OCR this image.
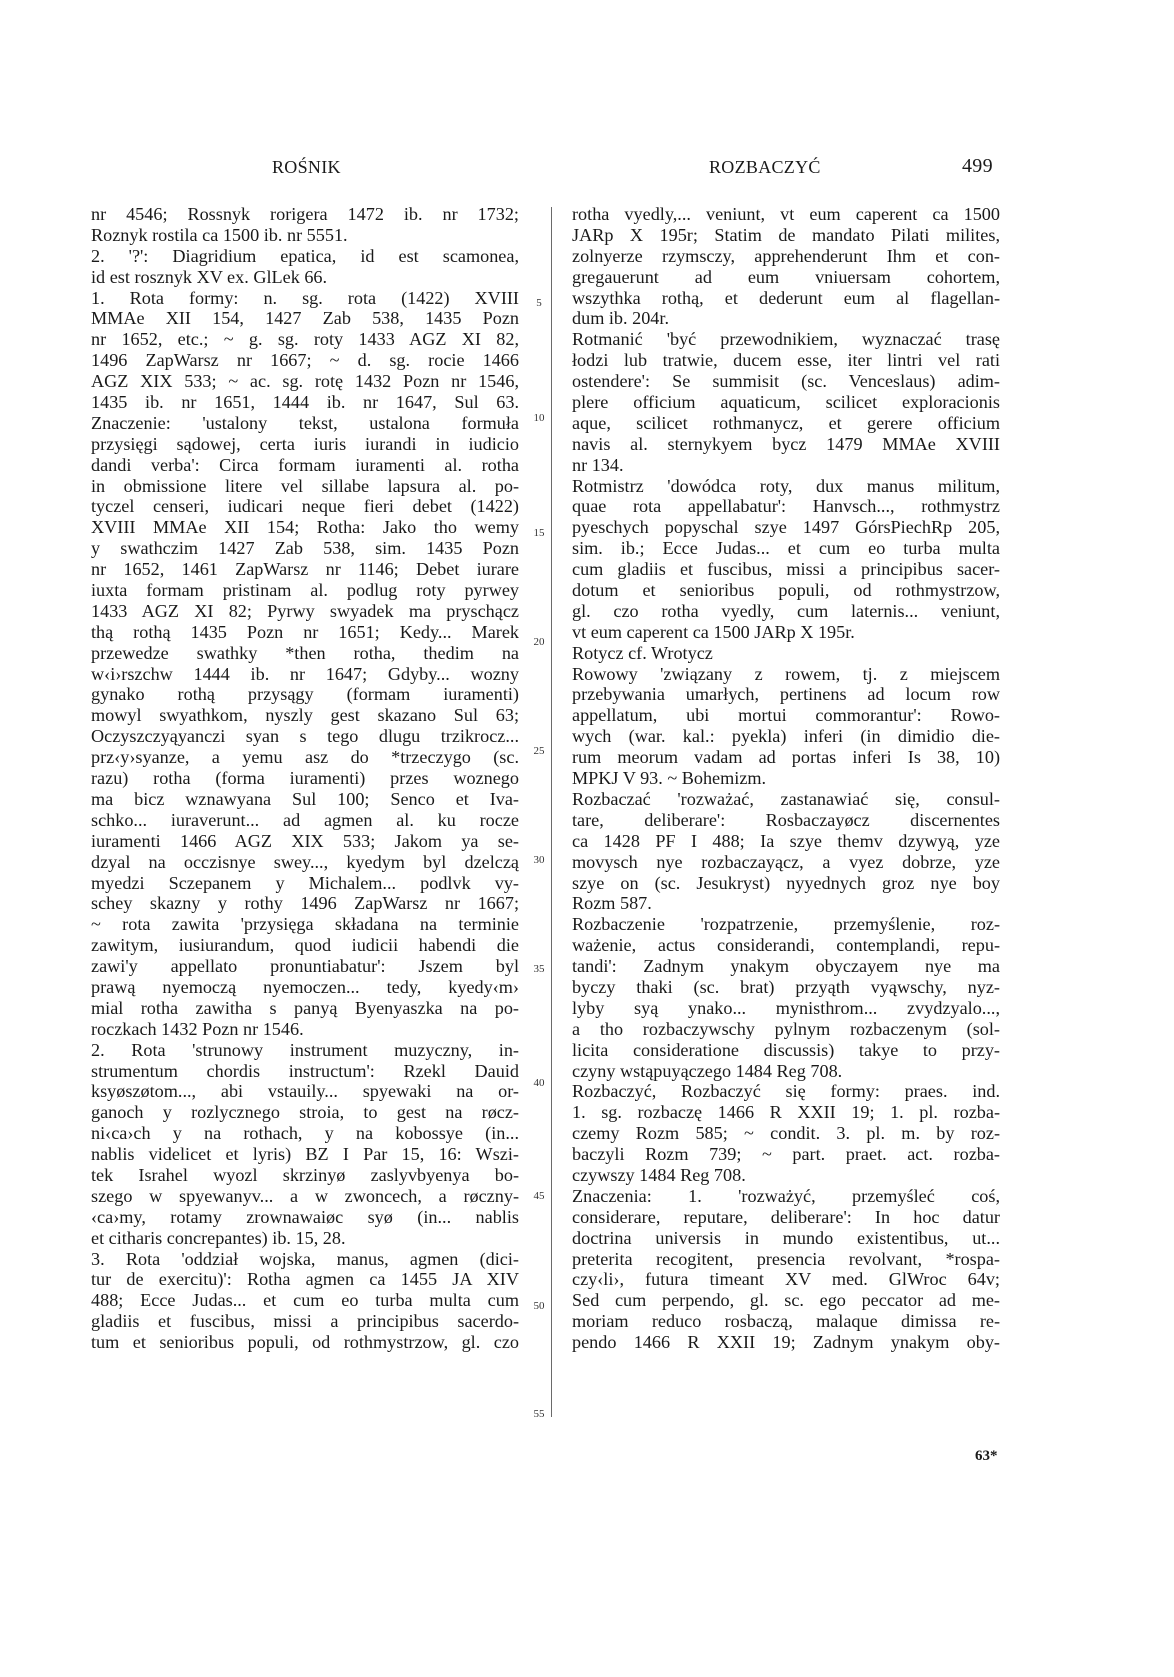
ROŚNIK	ROZBACZYĆ	499
nr 4546; Rossnyk rorigera 1472 ib. nr 1732;
Roznyk rostila ca 1500 ib. nr 5551.
2. '?': Diagridium epatica, id est scamonea,
id est rosznyk XV ex. GlLek 66.
1. Rota formy: n. sg. rota (1422) XVIII
MMAe XII 154, 1427 Zab 538, 1435 Pozn
nr 1652, etc.; ~ g. sg. roty 1433 AGZ XI 82,
1496 ZapWarsz nr 1667; ~ d. sg. rocie 1466
AGZ XIX 533; ~ ac. sg. rotę 1432 Pozn nr 1546,
1435 ib. nr 1651, 1444 ib. nr 1647, Sul 63.
Znaczenie: 'ustalony tekst, ustalona formuła
przysięgi sądowej, certa iuris iurandi in iudicio
dandi verba': Circa formam iuramenti al. rotha
in obmissione litere vel sillabe lapsura al. po-
tyczel censeri, iudicari neque fieri debet (1422)
XVIII MMAe XII 154; Rotha: Jako tho wemy
y swathczim 1427 Zab 538, sim. 1435 Pozn
nr 1652, 1461 ZapWarsz nr 1146; Debet iurare
iuxta formam pristinam al. podlug roty pyrwey
1433 AGZ XI 82; Pyrwy swyadek ma pryschącz
thą rothą 1435 Pozn nr 1651; Kedy... Marek
przewedze swathky *then rotha, thedim na
w‹i›rszchw 1444 ib. nr 1647; Gdyby... wozny
gynako rothą przysągy (formam iuramenti)
mowyl swyathkom, nyszly gest skazano Sul 63;
Oczyszczyąyanczi syan s tego dlugu trzikrocz...
prz‹y›syanze, a yemu asz do *trzeczygo (sc.
razu) rotha (forma iuramenti) przes woznego
ma bicz wznawyana Sul 100; Senco et Iva-
schko... iuraverunt... ad agmen al. ku rocze
iuramenti 1466 AGZ XIX 533; Jakom ya se-
dzyal na occzisnye swey..., kyedym byl dzelczą
myedzi Sczepanem y Michalem... podlvk vy-
schey skazny y rothy 1496 ZapWarsz nr 1667;
~ rota zawita 'przysięga składana na terminie
zawitym, iusiurandum, quod iudicii habendi die
zawi'y appellato pronuntiabatur': Jszem byl
prawą nyemoczą nyemoczen... tedy, kyedy‹m›
mial rotha zawitha s panyą Byenyaszka na po-
roczkach 1432 Pozn nr 1546.
2. Rota 'strunowy instrument muzyczny, in-
strumentum chordis instructum': Rzekl Dauid
ksyøszøtom..., abi vstauily... spyewaki na or-
ganoch y rozlycznego stroia, to gest na røcz-
ni‹ca›ch y na rothach, y na kobossye (in...
nablis videlicet et lyris) BZ I Par 15, 16: Wszi-
tek Israhel wyozl skrzinyø zaslyvbyenya bo-
szego w spyewanyv... a w zwoncech, a røczny-
‹ca›my, rotamy zrownawaiøc syø (in... nablis
et citharis concrepantes) ib. 15, 28.
3. Rota 'oddział wojska, manus, agmen (dici-
tur de exercitu)': Rotha agmen ca 1455 JA XIV
488; Ecce Judas... et cum eo turba multa cum
gladiis et fuscibus, missi a principibus sacerdo-
tum et senioribus populi, od rothmystrzow, gl. czo
5
10
15
20
25
30
35
40
45
50
55
rotha vyedly,... veniunt, vt eum caperent ca 1500
JARp X 195r; Statim de mandato Pilati milites,
zolnyerze rzymsczy, apprehenderunt Ihm et con-
gregauerunt ad eum vniuersam cohortem,
wszythka rothą, et dederunt eum al flagellan-
dum ib. 204r.
Rotmanić 'być przewodnikiem, wyznaczać trasę
łodzi lub tratwie, ducem esse, iter lintri vel rati
ostendere': Se summisit (sc. Venceslaus) adim-
plere officium aquaticum, scilicet exploracionis
aque, scilicet rothmanycz, et gerere officium
navis al. sternykyem bycz 1479 MMAe XVIII
nr 134.
Rotmistrz 'dowódca roty, dux manus militum,
quae rota appellabatur': Hanvsch..., rothmystrz
pyeschych popyschal szye 1497 GórsPiechRp 205,
sim. ib.; Ecce Judas... et cum eo turba multa
cum gladiis et fuscibus, missi a principibus sacer-
dotum et senioribus populi, od rothmystrzow,
gl. czo rotha vyedly, cum laternis... veniunt,
vt eum caperent ca 1500 JARp X 195r.
Rotycz cf. Wrotycz
Rowowy 'związany z rowem, tj. z miejscem
przebywania umarłych, pertinens ad locum row
appellatum, ubi mortui commorantur': Rowo-
wych (war. kal.: pyekla) inferi (in dimidio die-
rum meorum vadam ad portas inferi Is 38, 10)
MPKJ V 93. ~ Bohemizm.
Rozbaczać 'rozważać, zastanawiać się, consul-
tare, deliberare': Rosbaczayøcz discernentes
ca 1428 PF I 488; Ia szye themv dzywyą, yze
movysch nye rozbaczayącz, a vyez dobrze, yze
szye on (sc. Jesukryst) nyyednych groz nye boy
Rozm 587.
Rozbaczenie 'rozpatrzenie, przemyślenie, roz-
ważenie, actus considerandi, contemplandi, repu-
tandi': Zadnym ynakym obyczayem nye ma
byczy thaki (sc. brat) przyąth vyąwschy, nyz-
lyby syą ynako... mynisthrom... zvydzyalo...,
a tho rozbaczywschy pylnym rozbaczenym (sol-
licita consideratione discussis) takye to przy-
czyny wstąpuyączego 1484 Reg 708.
Rozbaczyć, Rozbaczyć się formy: praes. ind.
1. sg. rozbaczę 1466 R XXII 19; 1. pl. rozba-
czemy Rozm 585; ~ condit. 3. pl. m. by roz-
baczyli Rozm 739; ~ part. praet. act. rozba-
czywszy 1484 Reg 708.
Znaczenia: 1. 'rozważyć, przemyśleć coś,
considerare, reputare, deliberare': In hoc datur
doctrina universis in mundo existentibus, ut...
preterita recogitent, presencia revolvant, *rospa-
czy‹li›, futura timeant XV med. GlWroc 64v;
Sed cum perpendo, gl. sc. ego peccator ad me-
moriam reduco rosbaczą, malaque dimissa re-
pendo 1466 R XXII 19; Zadnym ynakym oby-
63*
